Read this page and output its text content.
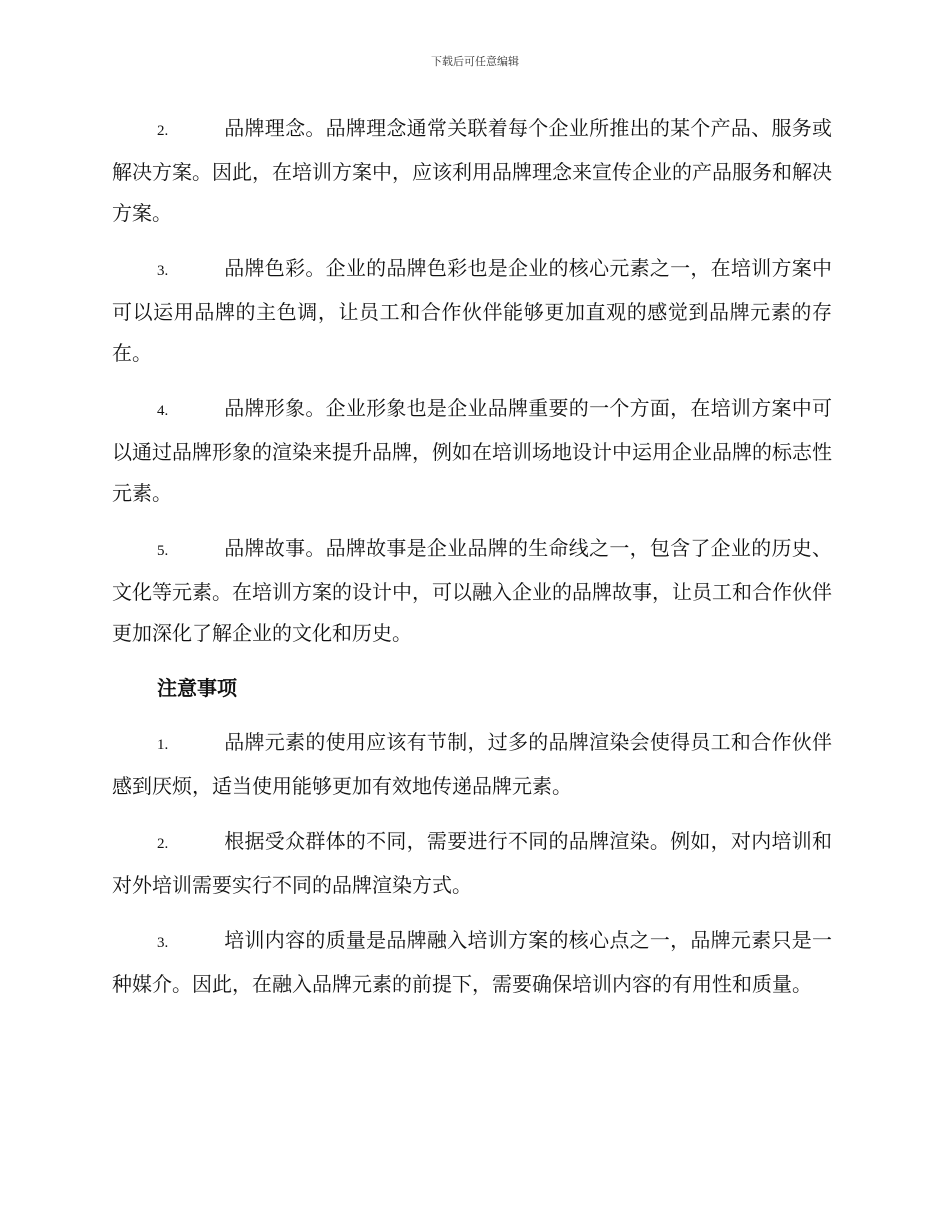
下载后可任意编辑

2.	品牌理念。品牌理念通常关联着每个企业所推出的某个产品、服务或解决方案。因此，在培训方案中，应该利用品牌理念来宣传企业的产品服务和解决方案。

3.	品牌色彩。企业的品牌色彩也是企业的核心元素之一，在培训方案中可以运用品牌的主色调，让员工和合作伙伴能够更加直观的感觉到品牌元素的存在。

4.	品牌形象。企业形象也是企业品牌重要的一个方面，在培训方案中可以通过品牌形象的渲染来提升品牌，例如在培训场地设计中运用企业品牌的标志性元素。

5.	品牌故事。品牌故事是企业品牌的生命线之一，包含了企业的历史、文化等元素。在培训方案的设计中，可以融入企业的品牌故事，让员工和合作伙伴更加深化了解企业的文化和历史。

注意事项

1.	品牌元素的使用应该有节制，过多的品牌渲染会使得员工和合作伙伴感到厌烦，适当使用能够更加有效地传递品牌元素。

2.	根据受众群体的不同，需要进行不同的品牌渲染。例如，对内培训和对外培训需要实行不同的品牌渲染方式。

3.	培训内容的质量是品牌融入培训方案的核心点之一，品牌元素只是一种媒介。因此，在融入品牌元素的前提下，需要确保培训内容的有用性和质量。
